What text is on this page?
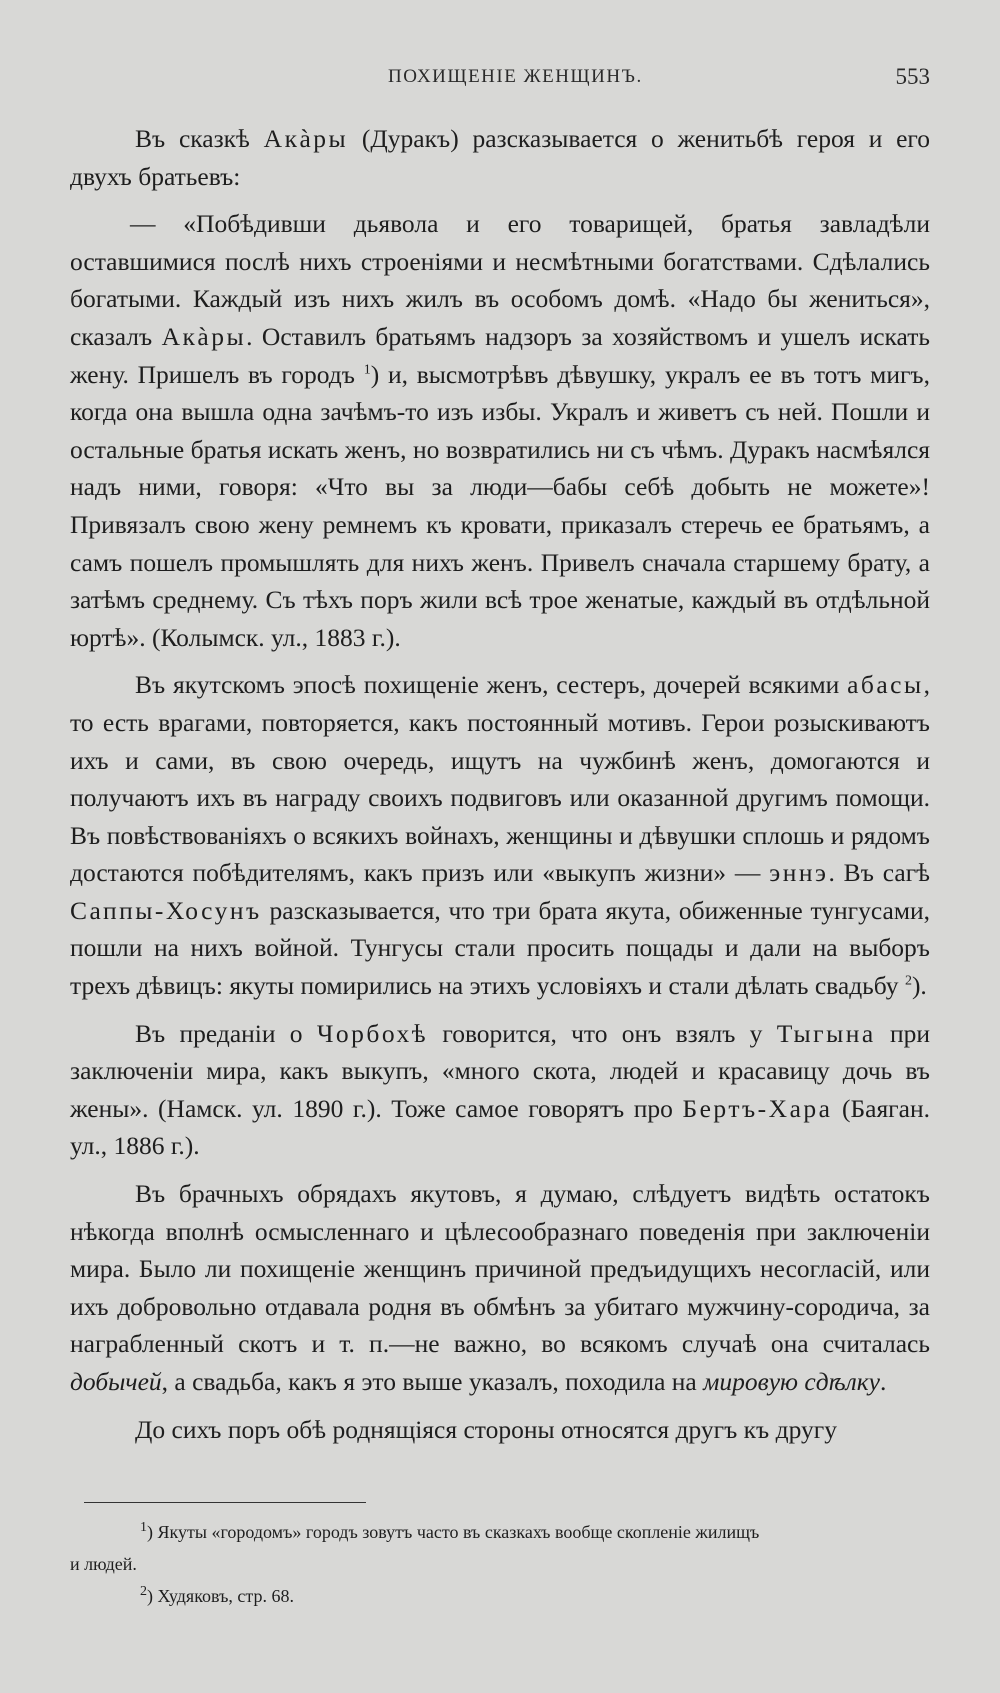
ПОХИЩЕНІЕ ЖЕНЩИНЪ.	553

Въ сказкѣ Акàры (Дуракъ) разсказывается о женитьбѣ героя и его двухъ братьевъ:

— «Побѣдивши дьявола и его товарищей, братья завладѣли оставшимися послѣ нихъ строеніями и несмѣтными богатствами. Сдѣлались богатыми. Каждый изъ нихъ жилъ въ особомъ домѣ. «Надо бы жениться», сказалъ Акàры. Оставилъ братьямъ надзоръ за хозяйствомъ и ушелъ искать жену. Пришелъ въ городъ $^1$) и, высмотрѣвъ дѣвушку, укралъ ее въ тотъ мигъ, когда она вышла одна зачѣмъ-то изъ избы. Укралъ и живетъ съ ней. Пошли и остальные братья искать женъ, но возвратились ни съ чѣмъ. Дуракъ насмѣялся надъ ними, говоря: «Что вы за люди—бабы себѣ добыть не можете»! Привязалъ свою жену ремнемъ къ кровати, приказалъ стеречь ее братьямъ, а самъ пошелъ промышлять для нихъ женъ. Привелъ сначала старшему брату, а затѣмъ среднему. Съ тѣхъ поръ жили всѣ трое женатые, каждый въ отдѣльной юртѣ». (Колымск. ул., 1883 г.).

Въ якутскомъ эпосѣ похищеніе женъ, сестеръ, дочерей всякими абасы, то есть врагами, повторяется, какъ постоянный мотивъ. Герои розыскиваютъ ихъ и сами, въ свою очередь, ищутъ на чужбинѣ женъ, домогаются и получаютъ ихъ въ награду своихъ подвиговъ или оказанной другимъ помощи. Въ повѣствованіяхъ о всякихъ войнахъ, женщины и дѣвушки сплошь и рядомъ достаются побѣдителямъ, какъ призъ или «выкупъ жизни» — эннэ. Въ сагѣ Саппы-Хосунъ разсказывается, что три брата якута, обиженные тунгусами, пошли на нихъ войной. Тунгусы стали просить пощады и дали на выборъ трехъ дѣвицъ: якуты помирились на этихъ условіяхъ и стали дѣлать свадьбу $^2$).

Въ преданіи о Чорбохѣ говорится, что онъ взялъ у Тыгына при заключеніи мира, какъ выкупъ, «много скота, людей и красавицу дочь въ жены». (Намск. ул. 1890 г.). Тоже самое говорятъ про Бертъ-Хара (Баяган. ул., 1886 г.).

Въ брачныхъ обрядахъ якутовъ, я думаю, слѣдуетъ видѣть остатокъ нѣкогда вполнѣ осмысленнаго и цѣлесообразнаго поведенія при заключеніи мира. Было ли похищеніе женщинъ причиной предъидущихъ несогласій, или ихъ добровольно отдавала родня въ обмѣнъ за убитаго мужчину-сородича, за награбленный скотъ и т. п.—не важно, во всякомъ случаѣ она считалась добычей, а свадьба, какъ я это выше указалъ, походила на мировую сдѣлку.

До сихъ поръ обѣ роднящіяся стороны относятся другъ къ другу

$^1$) Якуты «городомъ» городъ зовутъ часто въ сказкахъ вообще скопленіе жилищъ

и людей.

$^2$) Худяковъ, стр. 68.
